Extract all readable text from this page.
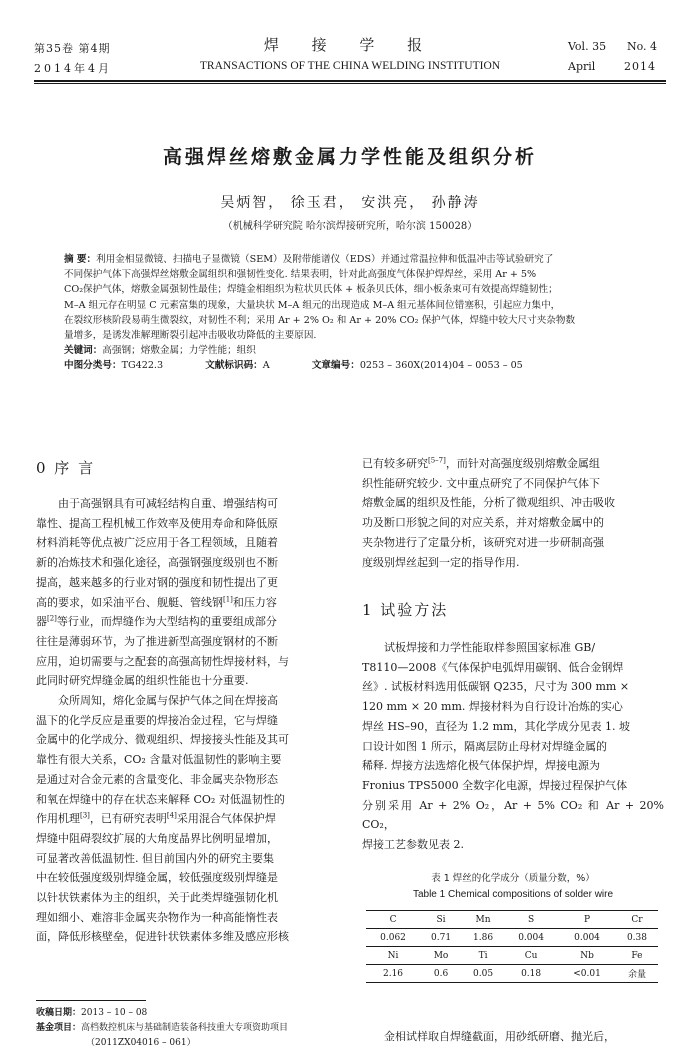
第35卷 第4期
2014年4月
焊 接 学 报
TRANSACTIONS OF THE CHINA WELDING INSTITUTION
Vol. 35 No. 4
April	2014
高强焊丝熔敷金属力学性能及组织分析
吴炳智， 徐玉君， 安洪亮， 孙静涛
（机械科学研究院 哈尔滨焊接研究所，哈尔滨 150028）
摘 要：利用金相显微镜、扫描电子显微镜（SEM）及附带能谱仪（EDS）并通过常温拉伸和低温冲击等试验研究了
不同保护气体下高强焊丝熔敷金属组织和强韧性变化. 结果表明，针对此高强度气体保护焊焊丝，采用 Ar + 5%
CO₂保护气体，熔敷金属强韧性最佳；焊缝金相组织为粒状贝氏体 + 板条贝氏体，细小板条束可有效提高焊缝韧性；
M–A 组元存在明显 C 元素富集的现象，大量块状 M–A 组元的出现造成 M–A 组元基体间位错塞积，引起应力集中，
在裂纹形核阶段易萌生微裂纹，对韧性不利；采用 Ar + 2% O₂ 和 Ar + 20% CO₂ 保护气体，焊缝中较大尺寸夹杂物数
量增多，是诱发准解理断裂引起冲击吸收功降低的主要原因.
关键词：高强钢；熔敷金属；力学性能；组织
中图分类号：TG422.3	文献标识码：A	文章编号：0253 – 360X(2014)04 – 0053 – 05
0 序 言
由于高强钢具有可减轻结构自重、增强结构可
靠性、提高工程机械工作效率及使用寿命和降低原
材料消耗等优点被广泛应用于各工程领域，且随着
新的冶炼技术和强化途径，高强钢强度级别也不断
提高，越来越多的行业对钢的强度和韧性提出了更
高的要求，如采油平台、舰艇、管线钢[1]和压力容
器[2]等行业，而焊缝作为大型结构的重要组成部分
往往是薄弱环节，为了推进新型高强度钢材的不断
应用，迫切需要与之配套的高强高韧性焊接材料，与
此同时研究焊缝金属的组织性能也十分重要.
众所周知，熔化金属与保护气体之间在焊接高
温下的化学反应是重要的焊接冶金过程，它与焊缝
金属中的化学成分、微观组织、焊接接头性能及其可
靠性有很大关系，CO₂ 含量对低温韧性的影响主要
是通过对合金元素的含量变化、非金属夹杂物形态
和氧在焊缝中的存在状态来解释 CO₂ 对低温韧性的
作用机理[3]，已有研究表明[4]采用混合气体保护焊
焊缝中阻碍裂纹扩展的大角度晶界比例明显增加，
可显著改善低温韧性. 但目前国内外的研究主要集
中在较低强度级别焊缝金属，较低强度级别焊缝是
以针状铁素体为主的组织，关于此类焊缝强韧化机
理如细小、难溶非金属夹杂物作为一种高能惰性表
面，降低形核壁垒，促进针状铁素体多维及感应形核
收稿日期：2013 – 10 – 08
基金项目：高档数控机床与基础制造装备科技重大专项资助项目
（2011ZX04016 – 061）
已有较多研究[5–7]，而针对高强度级别熔敷金属组
织性能研究较少. 文中重点研究了不同保护气体下
熔敷金属的组织及性能，分析了微观组织、冲击吸收
功及断口形貌之间的对应关系，并对熔敷金属中的
夹杂物进行了定量分析，该研究对进一步研制高强
度级别焊丝起到一定的指导作用.
1 试验方法
试板焊接和力学性能取样参照国家标准 GB/
T8110—2008《气体保护电弧焊用碳钢、低合金钢焊
丝》. 试板材料选用低碳钢 Q235，尺寸为 300 mm ×
120 mm × 20 mm. 焊接材料为自行设计冶炼的实心
焊丝 HS–90，直径为 1.2 mm，其化学成分见表 1. 坡
口设计如图 1 所示，隔离层防止母材对焊缝金属的
稀释. 焊接方法选熔化极气体保护焊，焊接电源为
Fronius TPS5000 全数字化电源，焊接过程保护气体
分别采用 Ar + 2% O₂，Ar + 5% CO₂ 和 Ar + 20% CO₂，
焊接工艺参数见表 2.
表 1 焊丝的化学成分（质量分数，%）
Table 1 Chemical compositions of solder wire
C	Si	Mn	S	P	Cr
0.062	0.71	1.86	0.004	0.004	0.38
Ni	Mo	Ti	Cu	Nb	Fe
2.16	0.6	0.05	0.18	<0.01	余量
金相试样取自焊缝截面，用砂纸研磨、抛光后，
